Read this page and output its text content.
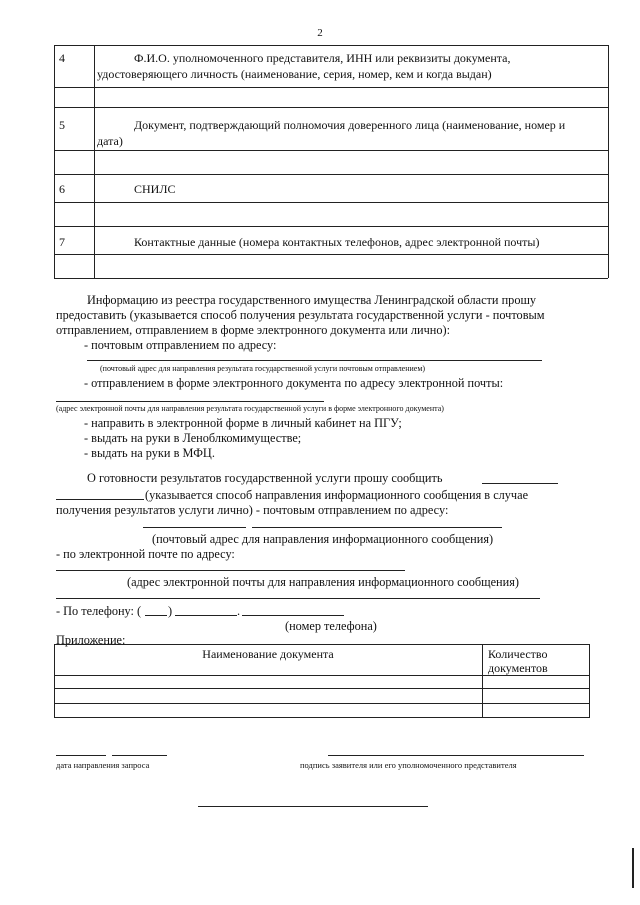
2
4	Ф.И.О. уполномоченного представителя, ИНН или реквизиты документа,
удостоверяющего личность (наименование, серия, номер, кем и когда выдан)
5	Документ, подтверждающий полномочия доверенного лица (наименование, номер и
дата)
6	СНИЛС
7	Контактные данные (номера контактных телефонов, адрес электронной почты)
Информацию из реестра государственного имущества Ленинградской области прошу
предоставить (указывается способ получения результата государственной услуги - почтовым
отправлением, отправлением в форме электронного документа или лично):
- почтовым отправлением по адресу:
(почтовый адрес для направления результата государственной услуги почтовым отправлением)
- отправлением в форме электронного документа по адресу электронной почты:
(адрес электронной почты для направления результата государственной услуги в форме электронного документа)
- направить в электронной форме в личный кабинет на ПГУ;
- выдать на руки в Леноблкомимуществе;
- выдать на руки в МФЦ.
О готовности результатов государственной услуги прошу сообщить
(указывается способ направления информационного сообщения в случае
получения результатов услуги лично) - почтовым отправлением по адресу:
(почтовый адрес для направления информационного сообщения)
- по электронной почте по адресу:
(адрес электронной почты для направления информационного сообщения)
- По телефону: ( )	.
(номер телефона)
Приложение:
Наименование документа	Количество
документов
дата направления запроса	подпись заявителя или его уполномоченного представителя
